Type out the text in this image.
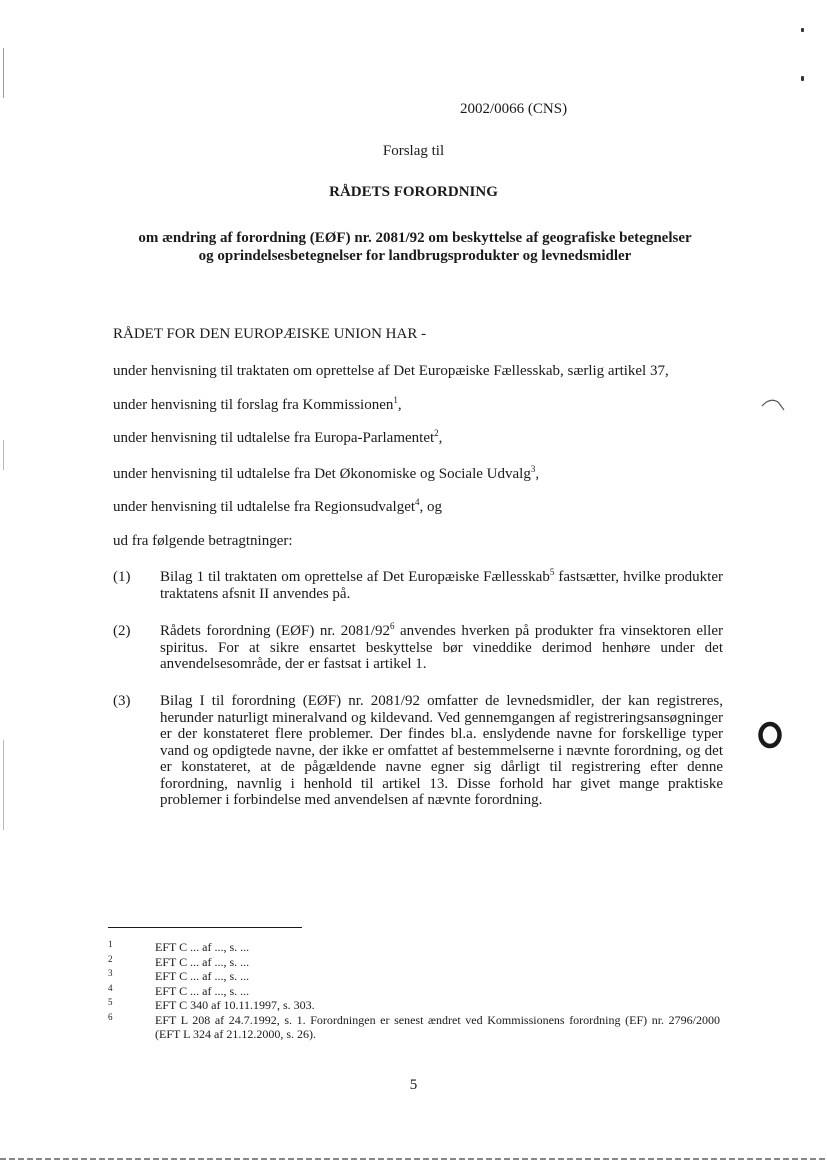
2002/0066 (CNS)
Forslag til
RÅDETS FORORDNING
om ændring af forordning (EØF) nr. 2081/92 om beskyttelse af geografiske betegnelser
og oprindelsesbetegnelser for landbrugsprodukter og levnedsmidler
RÅDET FOR DEN EUROPÆISKE UNION HAR -
under henvisning til traktaten om oprettelse af Det Europæiske Fællesskab, særlig artikel 37,
under henvisning til forslag fra Kommissionen$^1$,
under henvisning til udtalelse fra Europa-Parlamentet$^2$,
under henvisning til udtalelse fra Det Økonomiske og Sociale Udvalg$^3$,
under henvisning til udtalelse fra Regionsudvalget$^4$, og
ud fra følgende betragtninger:
(1) Bilag 1 til traktaten om oprettelse af Det Europæiske Fællesskab$^5$ fastsætter, hvilke produkter traktatens afsnit II anvendes på.
(2) Rådets forordning (EØF) nr. $2081/92^6$ anvendes hverken på produkter fra vinsektoren eller spiritus. For at sikre ensartet beskyttelse bør vineddike derimod henhøre under det anvendelsesområde, der er fastsat i artikel 1.
(3) Bilag I til forordning (EØF) nr. 2081/92 omfatter de levnedsmidler, der kan registreres, herunder naturligt mineralvand og kildevand. Ved gennemgangen af registreringsansøgninger er der konstateret flere problemer. Der findes bl.a. enslydende navne for forskellige typer vand og opdigtede navne, der ikke er omfattet af bestemmelserne i nævnte forordning, og det er konstateret, at de pågældende navne egner sig dårligt til registrering efter denne forordning, navnlig i henhold til artikel 13. Disse forhold har givet mange praktiske problemer i forbindelse med anvendelsen af nævnte forordning.
1	EFT C ... af ..., s. ...
2	EFT C ... af ..., s. ...
3	EFT C ... af ..., s. ...
4	EFT C ... af ..., s. ...
5	EFT C 340 af 10.11.1997, s. 303.
6	EFT L 208 af 24.7.1992, s. 1. Forordningen er senest ændret ved Kommissionens forordning (EF) nr. 2796/2000 (EFT L 324 af 21.12.2000, s. 26).
5
